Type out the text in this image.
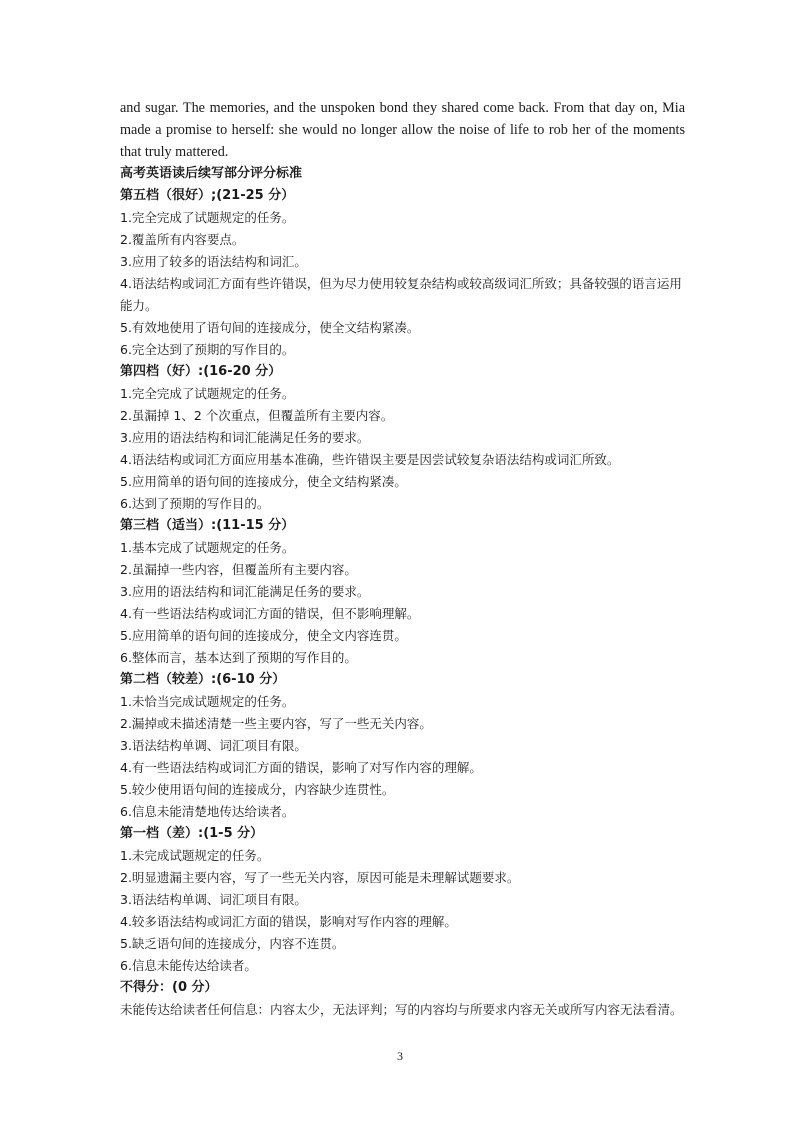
and sugar. The memories, and the unspoken bond they shared come back. From that day on, Mia made a promise to herself: she would no longer allow the noise of life to rob her of the moments that truly mattered.

高考英语读后续写部分评分标准

第五档（很好）;(21-25 分）

1.完全完成了试题规定的任务。

2.覆盖所有内容要点。

3.应用了较多的语法结构和词汇。

4.语法结构或词汇方面有些许错误，但为尽力使用较复杂结构或较高级词汇所致；具备较强的语言运用能力。

5.有效地使用了语句间的连接成分，使全文结构紧凑。

6.完全达到了预期的写作目的。

第四档（好）:(16-20 分）

1.完全完成了试题规定的任务。

2.虽漏掉 1、2 个次重点，但覆盖所有主要内容。

3.应用的语法结构和词汇能满足任务的要求。

4.语法结构或词汇方面应用基本准确，些许错误主要是因尝试较复杂语法结构或词汇所致。

5.应用简单的语句间的连接成分，使全文结构紧凑。

6.达到了预期的写作目的。

第三档（适当）:(11-15 分）

1.基本完成了试题规定的任务。

2.虽漏掉一些内容，但覆盖所有主要内容。

3.应用的语法结构和词汇能满足任务的要求。

4.有一些语法结构或词汇方面的错误，但不影响理解。

5.应用简单的语句间的连接成分，使全文内容连贯。

6.整体而言，基本达到了预期的写作目的。

第二档（较差）:(6-10 分）

1.未恰当完成试题规定的任务。

2.漏掉或未描述清楚一些主要内容，写了一些无关内容。

3.语法结构单调、词汇项目有限。

4.有一些语法结构或词汇方面的错误，影响了对写作内容的理解。

5.较少使用语句间的连接成分，内容缺少连贯性。

6.信息未能清楚地传达给读者。

第一档（差）:(1-5 分）

1.未完成试题规定的任务。

2.明显遗漏主要内容，写了一些无关内容，原因可能是未理解试题要求。

3.语法结构单调、词汇项目有限。

4.较多语法结构或词汇方面的错误，影响对写作内容的理解。

5.缺乏语句间的连接成分，内容不连贯。

6.信息未能传达给读者。

不得分：(0 分）

未能传达给读者任何信息：内容太少，无法评判；写的内容均与所要求内容无关或所写内容无法看清。

3
